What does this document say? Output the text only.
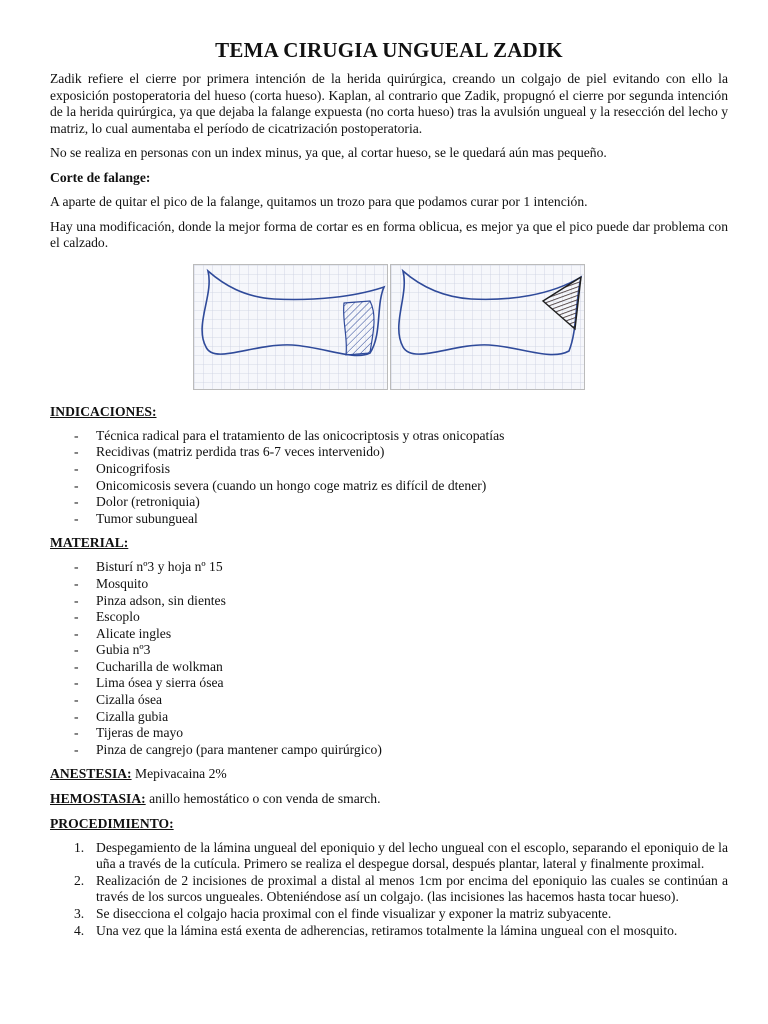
TEMA CIRUGIA UNGUEAL ZADIK

Zadik refiere el cierre por primera intención de la herida quirúrgica, creando un colgajo de piel evitando con ello la exposición postoperatoria del hueso (corta hueso). Kaplan, al contrario que Zadik, propugnó el cierre por segunda intención de la herida quirúrgica, ya que dejaba la falange expuesta (no corta hueso) tras la avulsión ungueal y la resección del lecho y matriz, lo cual aumentaba el período de cicatrización postoperatoria.

No se realiza en personas con un index minus, ya que, al cortar hueso, se le quedará aún mas pequeño.

Corte de falange:

A aparte de quitar el pico de la falange, quitamos un trozo para que podamos curar por 1 intención.

Hay una modificación, donde la mejor forma de cortar es en forma oblicua, es mejor ya que el pico puede dar problema con el calzado.

INDICACIONES:
- Técnica radical para el tratamiento de las onicocriptosis y otras onicopatías
- Recidivas (matriz perdida tras 6-7 veces intervenido)
- Onicogrifosis
- Onicomicosis severa (cuando un hongo coge matriz es difícil de dtener)
- Dolor (retroniquia)
- Tumor subungueal
MATERIAL:
- Bisturí nº3 y hoja nº 15
- Mosquito
- Pinza adson, sin dientes
- Escoplo
- Alicate ingles
- Gubia nº3
- Cucharilla de wolkman
- Lima ósea y sierra ósea
- Cizalla ósea
- Cizalla gubia
- Tijeras de mayo
- Pinza de cangrejo (para mantener campo quirúrgico)

ANESTESIA: Mepivacaina 2%

HEMOSTASIA: anillo hemostático o con venda de smarch.

PROCEDIMIENTO:
1. Despegamiento de la lámina ungueal del eponiquio y del lecho ungueal con el escoplo, separando el eponiquio de la uña a través de la cutícula. Primero se realiza el despegue dorsal, después plantar, lateral y finalmente proximal.
2. Realización de 2 incisiones de proximal a distal al menos 1cm por encima del eponiquio las cuales se continúan a través de los surcos ungueales. Obteniéndose así un colgajo. (las incisiones las hacemos hasta tocar hueso).
3. Se disecciona el colgajo hacia proximal con el finde visualizar y exponer la matriz subyacente.
4. Una vez que la lámina está exenta de adherencias, retiramos totalmente la lámina ungueal con el mosquito.
